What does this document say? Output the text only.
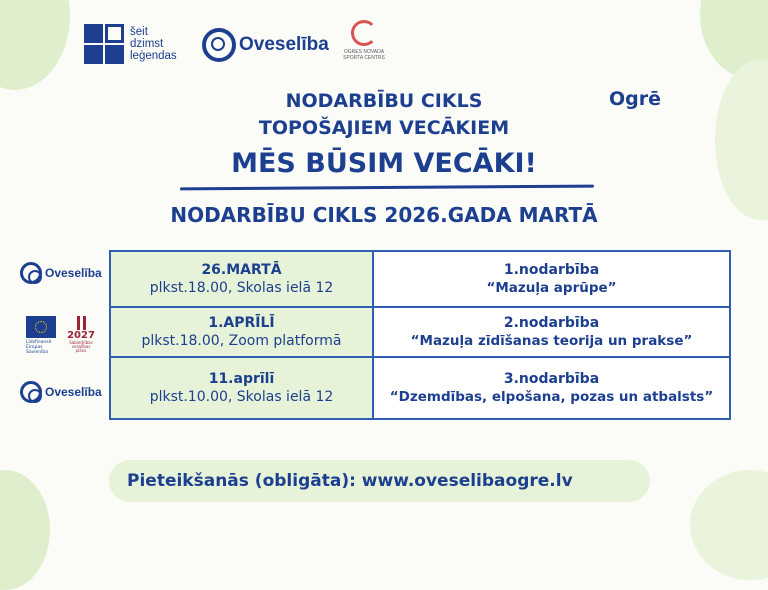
šeit
dzimst
leģendas
Oveselība	OGRES NOVADA
SPORTA CENTRS
Ogrē
NODARBĪBU CIKLS
TOPOŠAJIEM VECĀKIEM
MĒS BŪSIM VECĀKI!
NODARBĪBU CIKLS 2026.GADA MARTĀ
26.MARTĀ
plkst.18.00, Skolas ielā 12
1.nodarbība
“Mazuļa aprūpe”
1.APRĪLĪ
plkst.18.00, Zoom platformā
2.nodarbība
“Mazuļa zīdīšanas teorija un prakse”
11.aprīlī
plkst.10.00, Skolas ielā 12
3.nodarbība
“Dzemdības, elpošana, pozas un atbalsts”
Oveselība
Līdzfinansē Eiropas Savienība
2027
Sabiedrības veselības plāns
Oveselība
Pieteikšanās (obligāta): www.oveselibaogre.lv
